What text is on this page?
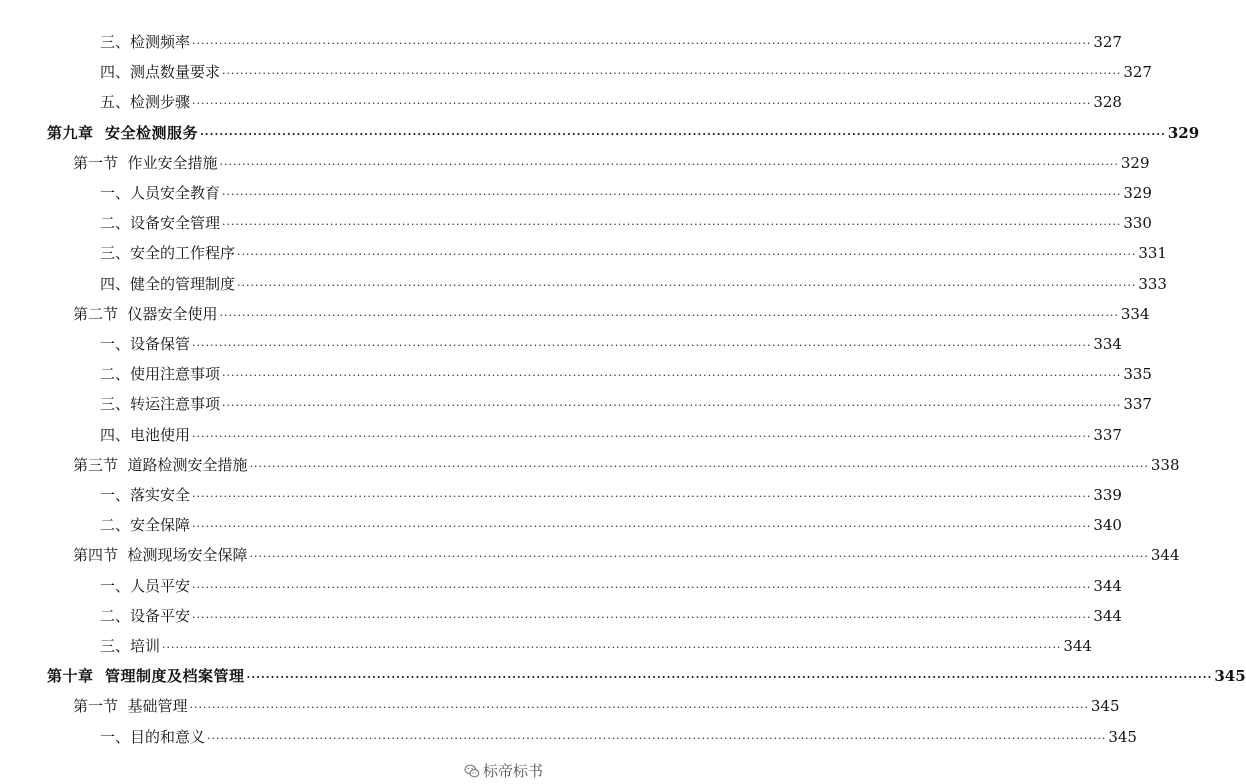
三、检测频率 ········································································································································································································ 327
四、测点数量要求 ········································································································································································································ 327
五、检测步骤 ········································································································································································································ 328
第九章  安全检测服务 ········································································································································································································ 329
第一节  作业安全措施 ········································································································································································································ 329
一、人员安全教育 ········································································································································································································ 329
二、设备安全管理 ········································································································································································································ 330
三、安全的工作程序 ········································································································································································································ 331
四、健全的管理制度 ········································································································································································································ 333
第二节  仪器安全使用 ········································································································································································································ 334
一、设备保管 ········································································································································································································ 334
二、使用注意事项 ········································································································································································································ 335
三、转运注意事项 ········································································································································································································ 337
四、电池使用 ········································································································································································································ 337
第三节  道路检测安全措施 ········································································································································································································ 338
一、落实安全 ········································································································································································································ 339
二、安全保障 ········································································································································································································ 340
第四节  检测现场安全保障 ········································································································································································································ 344
一、人员平安 ········································································································································································································ 344
二、设备平安 ········································································································································································································ 344
三、培训 ········································································································································································································ 344
第十章  管理制度及档案管理 ········································································································································································································ 345
第一节  基础管理 ········································································································································································································ 345
一、目的和意义 ········································································································································································································ 345
标帝标书
